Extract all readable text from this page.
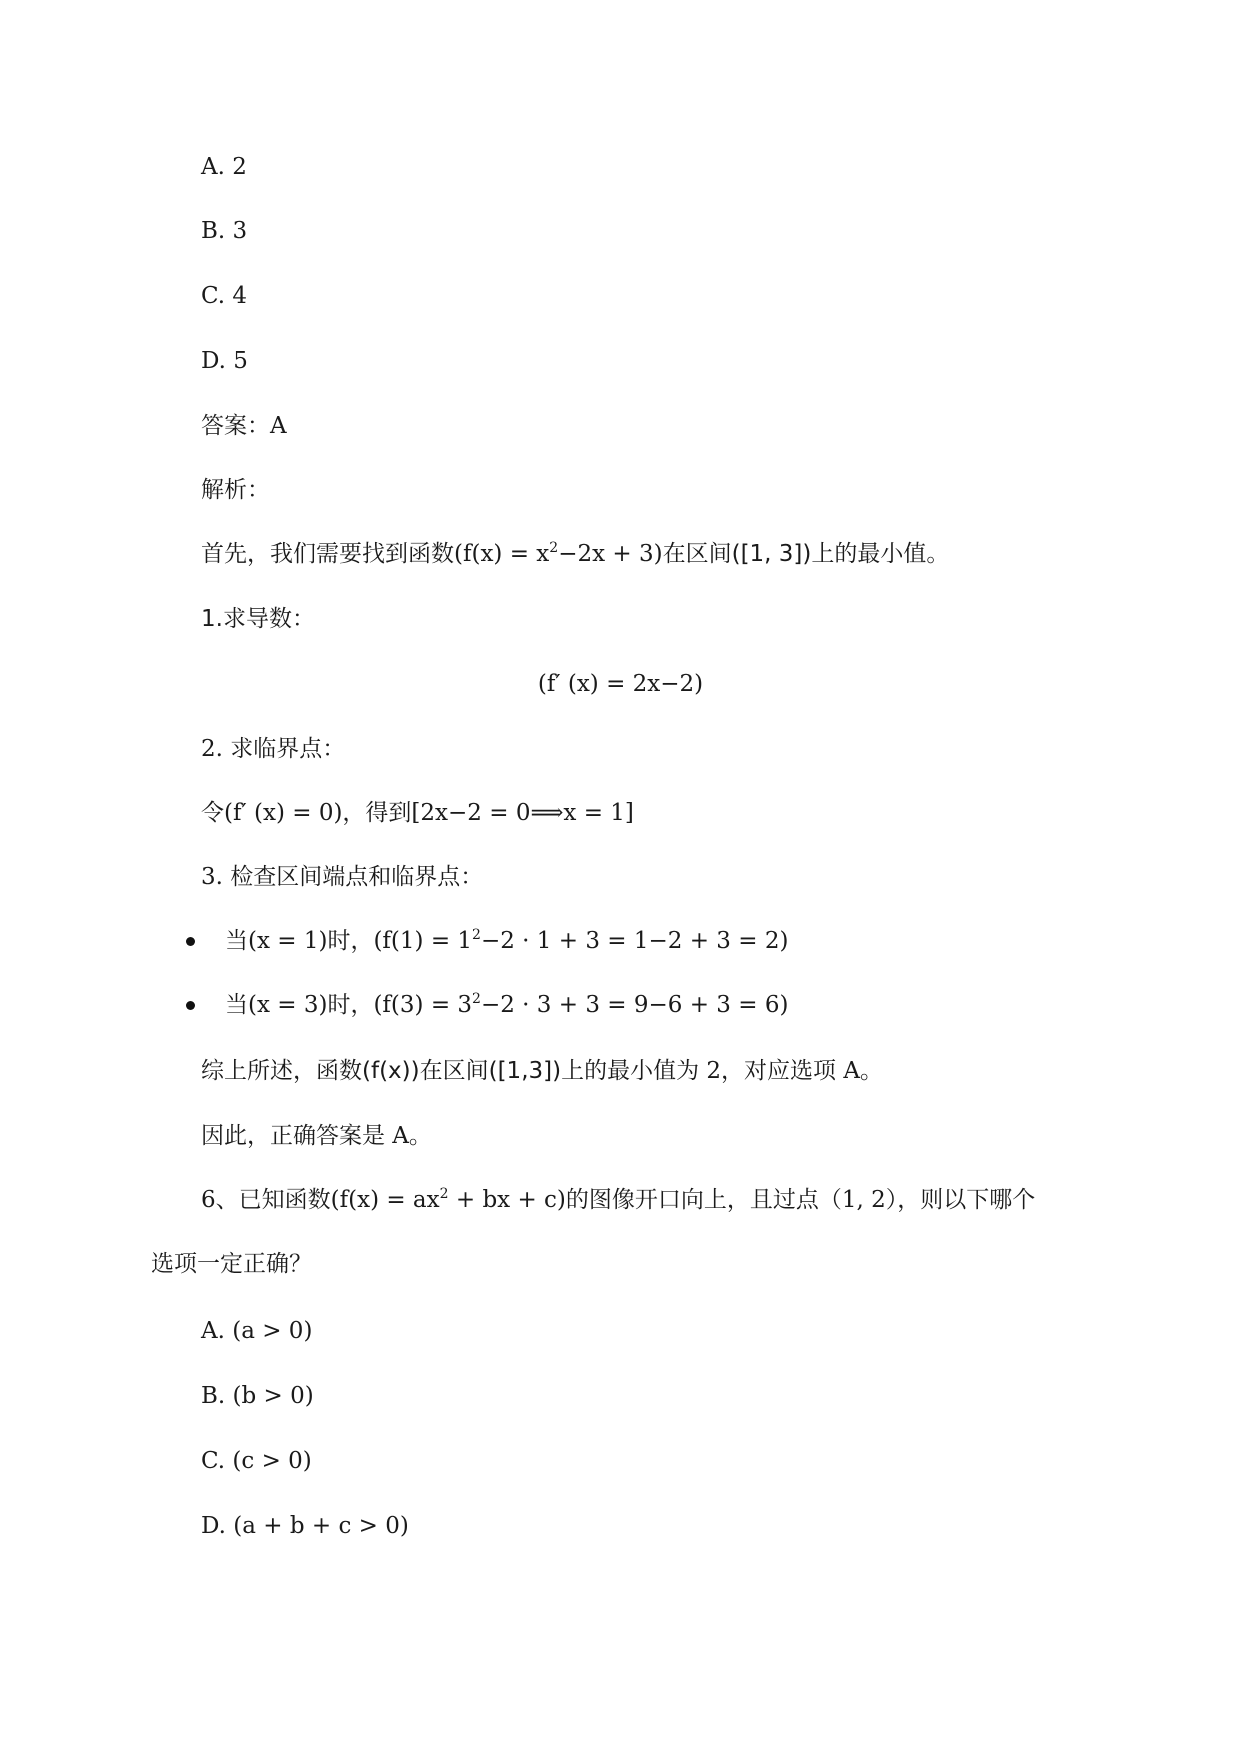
A. 2
B. 3
C. 4
D. 5
答案：A
解析：
首先，我们需要找到函数$(f(x) = x^2-2x + 3)$在区间([1, 3])上的最小值。
1.求导数：
(f′ (x) = 2x−2)
2. 求临界点：
令(f′ (x) = 0)，得到[2x−2 = 0⟹x = 1]
3. 检查区间端点和临界点：
当(x = 1)时，$(f(1) = 1^2-2 \cdot 1 + 3 = 1-2 + 3 = 2)$
当(x = 3)时，$(f(3) = 3^2-2 \cdot 3 + 3 = 9-6 + 3 = 6)$
综上所述，函数(f(x))在区间([1,3])上的最小值为 2，对应选项 A。
因此，正确答案是 A。
6、已知函数($f(x) = ax^2$ + bx + c)的图像开口向上，且过点（1, 2），则以下哪个
选项一定正确？
A. (a > 0)
B. (b > 0)
C. (c > 0)
D. (a + b + c > 0)
